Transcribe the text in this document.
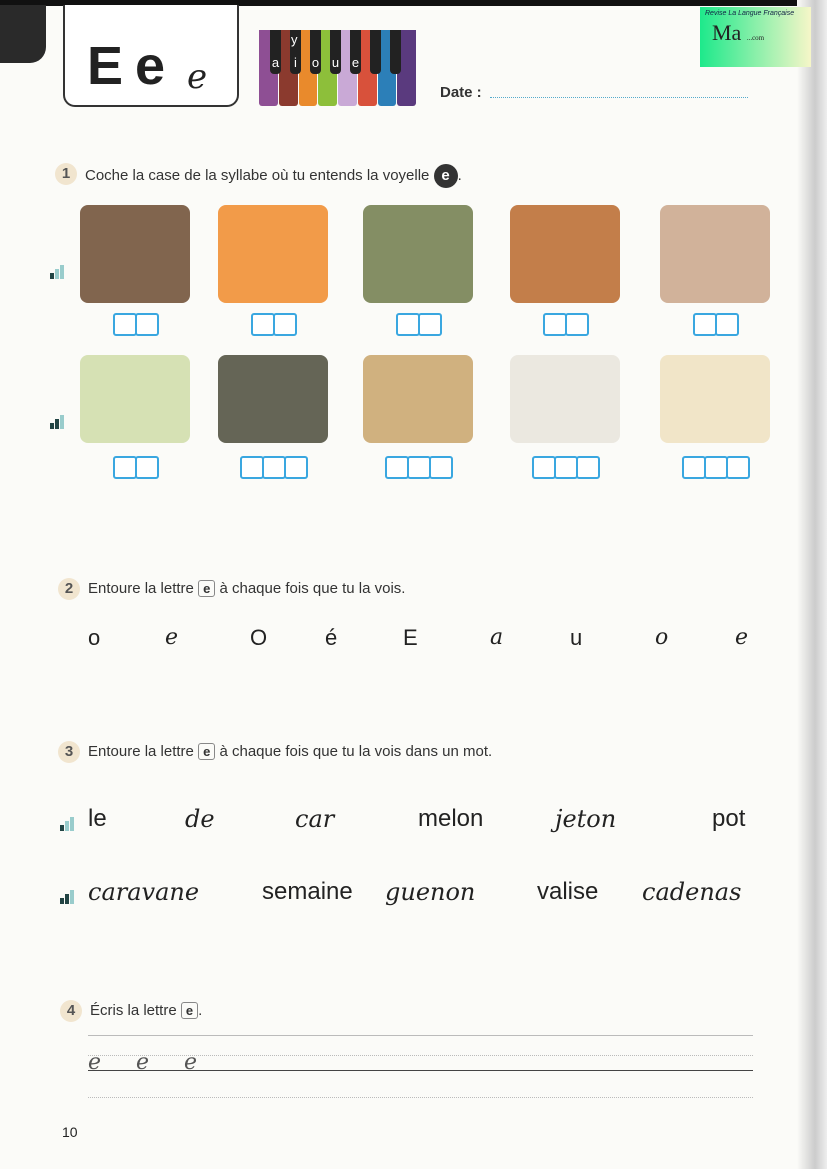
E e e	a	i	o u e
y
Date :
Revise La Langue Française
Ma ...com
1 Coche la case de la syllabe où tu entends la voyelle e .
2 Entoure la lettre e à chaque fois que tu la vois.
o	e	O	é	E	a	u	o	e
3 Entoure la lettre e à chaque fois que tu la vois dans un mot.
le	de	car	melon	jeton	pot
caravane	semaine guenon	valise cadenas
4 Écris la lettre e .
e e e
10
